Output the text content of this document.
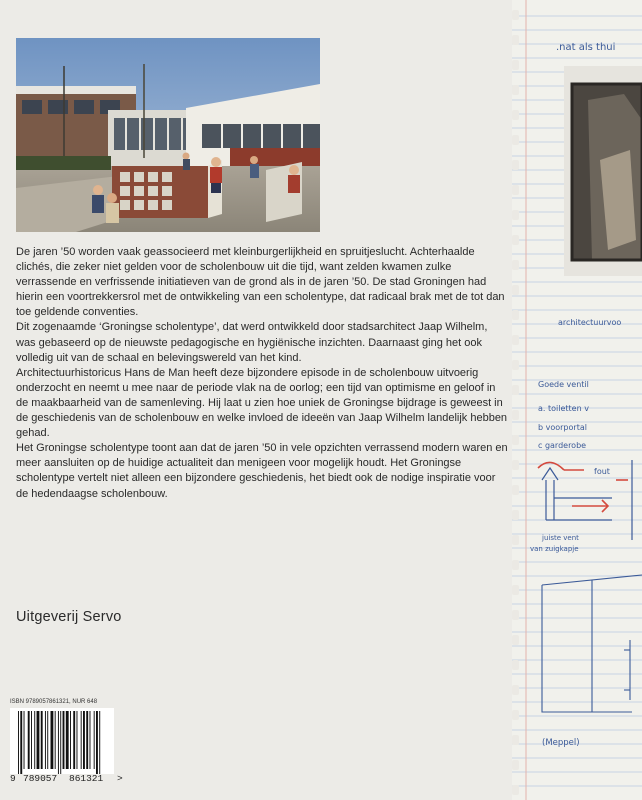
De jaren ’50 worden vaak geassocieerd met kleinburgerlijkheid en spruitjeslucht. Achterhaalde clichés, die zeker niet gelden voor de scholenbouw uit die tijd, want zelden kwamen zulke verrassende en verfrissende initiatieven van de grond als in de jaren ’50. De stad Groningen had hierin een voortrekkersrol met de ontwikkeling van een scholentype, dat radicaal brak met de tot dan toe geldende conventies.

Dit zogenaamde ‘Groningse scholentype’, dat werd ontwikkeld door stadsarchitect Jaap Wilhelm, was gebaseerd op de nieuwste pedagogische en hygiënische inzichten. Daarnaast ging het ook volledig uit van de schaal en belevingswereld van het kind.

Architectuurhistoricus Hans de Man heeft deze bijzondere episode in de scholenbouw uitvoerig onderzocht en neemt u mee naar de periode vlak na de oorlog; een tijd van optimisme en geloof in de maakbaarheid van de samenleving. Hij laat u zien hoe uniek de Groningse bijdrage is geweest in de geschiedenis van de scholenbouw en welke invloed de ideeën van Jaap Wilhelm landelijk hebben gehad.

Het Groningse scholentype toont aan dat de jaren ’50 in vele opzichten verrassend modern waren en meer aansluiten op de huidige actualiteit dan menigeen voor mogelijk houdt. Het Groningse scholentype vertelt niet alleen een bijzondere geschiedenis, het biedt ook de nodige inspiratie voor de hedendaagse scholenbouw.

Uitgeverij Servo
ISBN 9789057861321, NUR 648
9 789057 861321 >
.nat als thui
architectuurvoo
Goede ventil
a. toiletten v
b voorportal
c garderobe
fout
juiste vent
van zuigkapje
(Meppel)
